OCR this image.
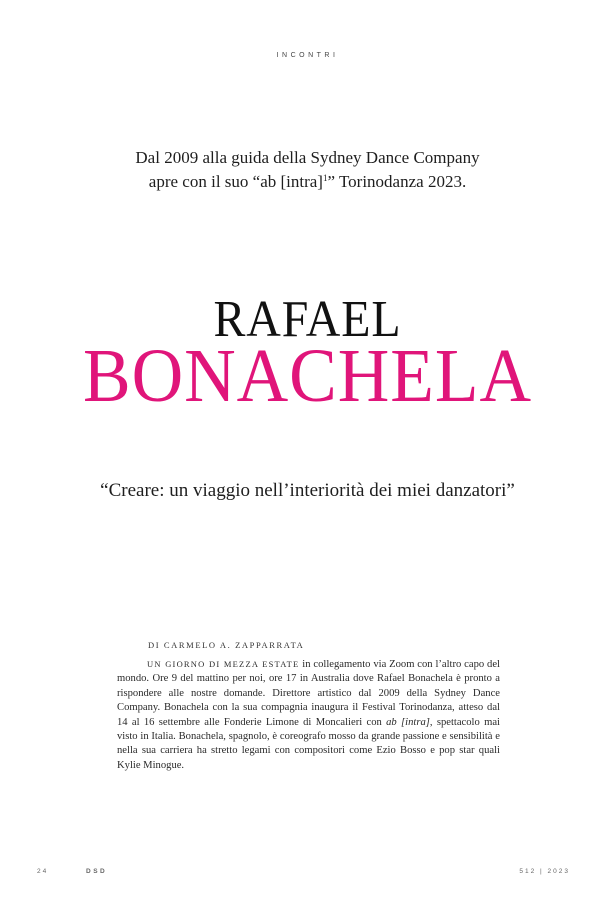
INCONTRI
Dal 2009 alla guida della Sydney Dance Company
apre con il suo “ab [intra]$^1$” Torinodanza 2023.
RAFAEL
BONACHELA
“Creare: un viaggio nell’interiorità dei miei danzatori”
DI CARMELO A. ZAPPARRATA

UN GIORNO DI MEZZA ESTATE in collegamento via Zoom con l’altro capo del mondo. Ore 9 del mattino per noi, ore 17 in Australia dove Rafael Bonachela è pronto a rispondere alle nostre domande. Direttore artistico dal 2009 della Sydney Dance Company. Bonachela con la sua compagnia inaugura il Festival Torinodanza, atteso dal 14 al 16 settembre alle Fonderie Limone di Moncalieri con ab [intra], spettacolo mai visto in Italia. Bonachela, spagnolo, è coreografo mosso da grande passione e sensibilità e nella sua carriera ha stretto legami con compositori come Ezio Bosso e pop star quali Kylie Minogue.

24	DSD	512 | 2023
